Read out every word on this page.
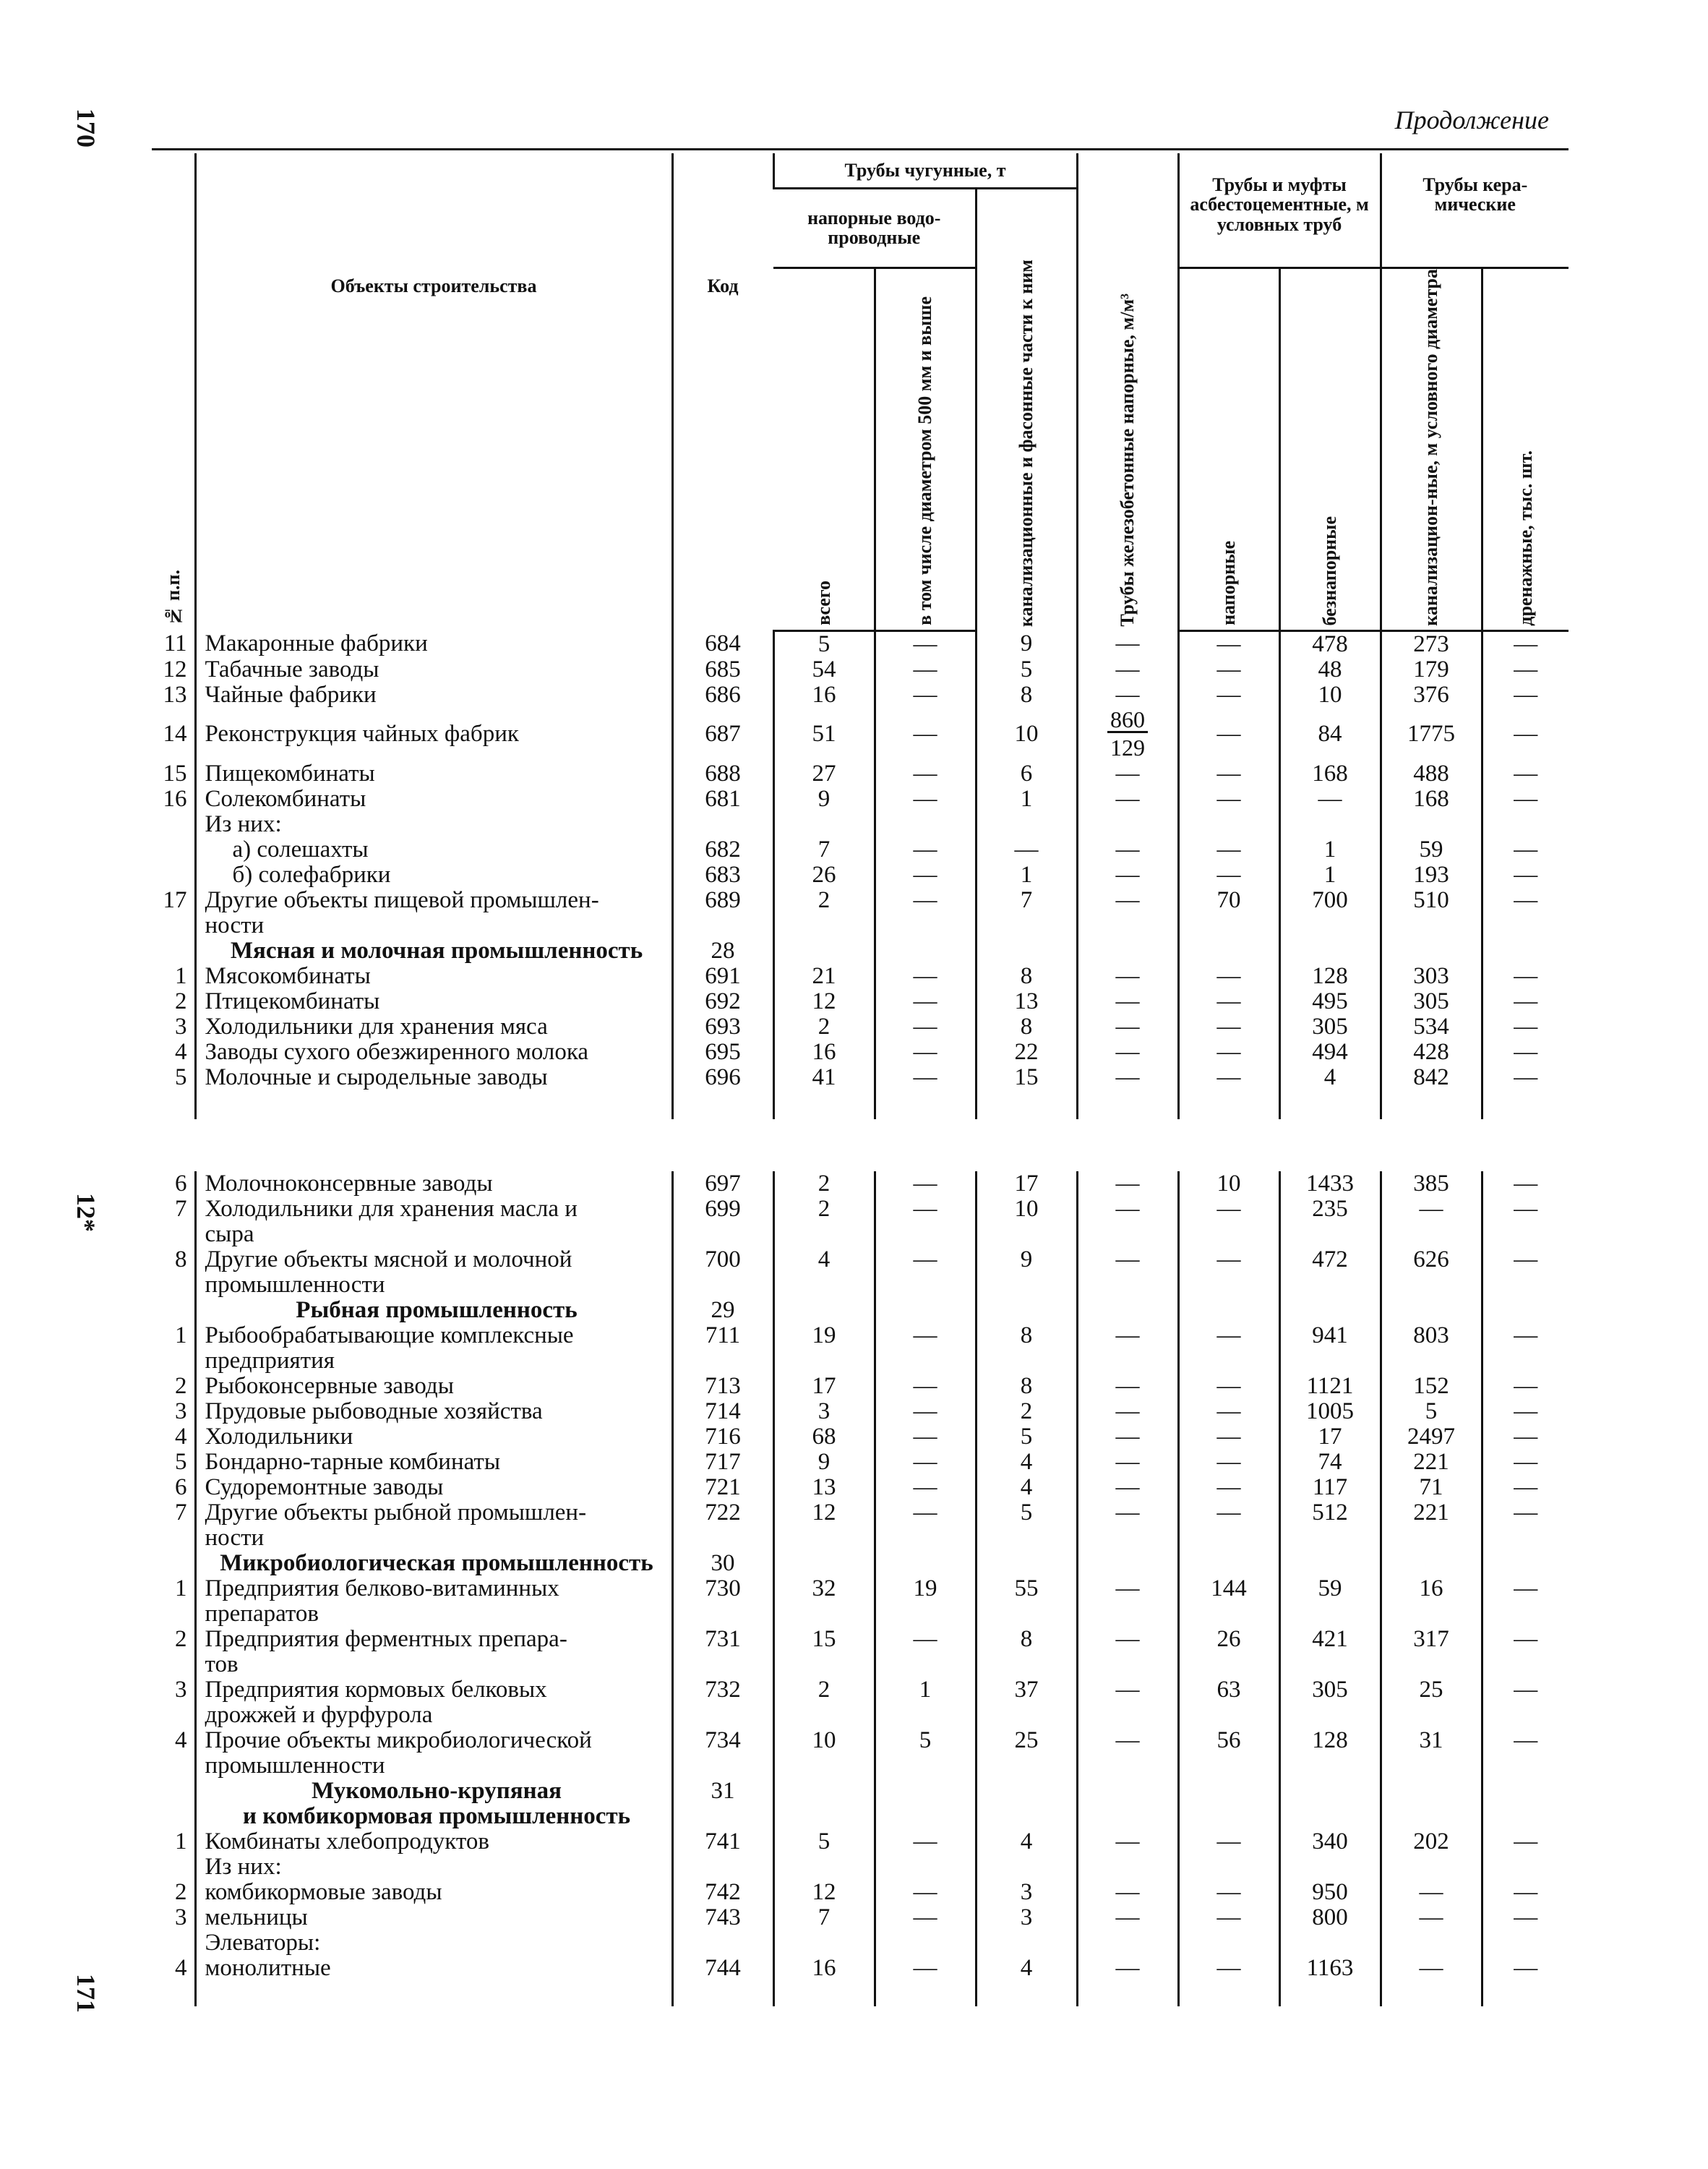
170	Продолжение
№ п.п.	Объекты строительства	Код	Трубы чугунные, т			Трубы железобетонные напорные, м/м³	Трубы и муфты асбестоцементные, м условных труб		Трубы кера-мические	
			напорные водо-проводные		канализационные и фасонные части к ним					
			всего	в том числе диаметром 500 мм и выше			напорные	безнапорные	канализацион-ные, м условного диаметра	дренажные, тыс. шт.
11	Макаронные фабрики	684	5	—	9	—	—	478	273	—
12	Табачные заводы	685	54	—	5	—	—	48	179	—
13	Чайные фабрики	686	16	—	8	—	—	10	376	—
14	Реконструкция чайных фабрик	687	51	—	10	$\frac{860}{129}$	—	84	1775	—
15	Пищекомбинаты	688	27	—	6	—	—	168	488	—
16	Солекомбинаты	681	9	—	1	—	—	—	168	—
	Из них:									
	а) солешахты	682	7	—	—	—	—	1	59	—
	б) солефабрики	683	26	—	1	—	—	1	193	—
17	Другие объекты пищевой промышлен-	689	2	—	7	—	70	700	510	—
	ности									
	Мясная и молочная промышленность	28								
1	Мясокомбинаты	691	21	—	8	—	—	128	303	—
2	Птицекомбинаты	692	12	—	13	—	—	495	305	—
3	Холодильники для хранения мяса	693	2	—	8	—	—	305	534	—
4	Заводы сухого обезжиренного молока	695	16	—	22	—	—	494	428	—
5	Молочные и сыродельные заводы	696	41	—	15	—	—	4	842	—

12*
6	Молочноконсервные заводы	697	2	—	17	—	10	1433	385	—
7	Холодильники для хранения масла и	699	2	—	10	—	—	235	—	—
	сыра									
8	Другие объекты мясной и молочной	700	4	—	9	—	—	472	626	—
	промышленности									
	Рыбная промышленность	29								
1	Рыбообрабатывающие комплексные	711	19	—	8	—	—	941	803	—
	предприятия									
2	Рыбоконсервные заводы	713	17	—	8	—	—	1121	152	—
3	Прудовые рыбоводные хозяйства	714	3	—	2	—	—	1005	5	—
4	Холодильники	716	68	—	5	—	—	17	2497	—
5	Бондарно-тарные комбинаты	717	9	—	4	—	—	74	221	—
6	Судоремонтные заводы	721	13	—	4	—	—	117	71	—
7	Другие объекты рыбной промышлен-	722	12	—	5	—	—	512	221	—
	ности									
	Микробиологическая промышленность	30								
1	Предприятия белково-витаминных	730	32	19	55	—	144	59	16	—
	препаратов									
2	Предприятия ферментных препара-	731	15	—	8	—	26	421	317	—
	тов									
3	Предприятия кормовых белковых	732	2	1	37	—	63	305	25	—
	дрожжей и фурфурола									
4	Прочие объекты микробиологической	734	10	5	25	—	56	128	31	—
	промышленности									
	Мукомольно-крупяная	31								
	и комбикормовая промышленность									
1	Комбинаты хлебопродуктов	741	5	—	4	—	—	340	202	—
	Из них:									
2	комбикормовые заводы	742	12	—	3	—	—	950	—	—
3	мельницы	743	7	—	3	—	—	800	—	—
	Элеваторы:									
4	монолитные	744	16	—	4	—	—	1163	—	—

171
